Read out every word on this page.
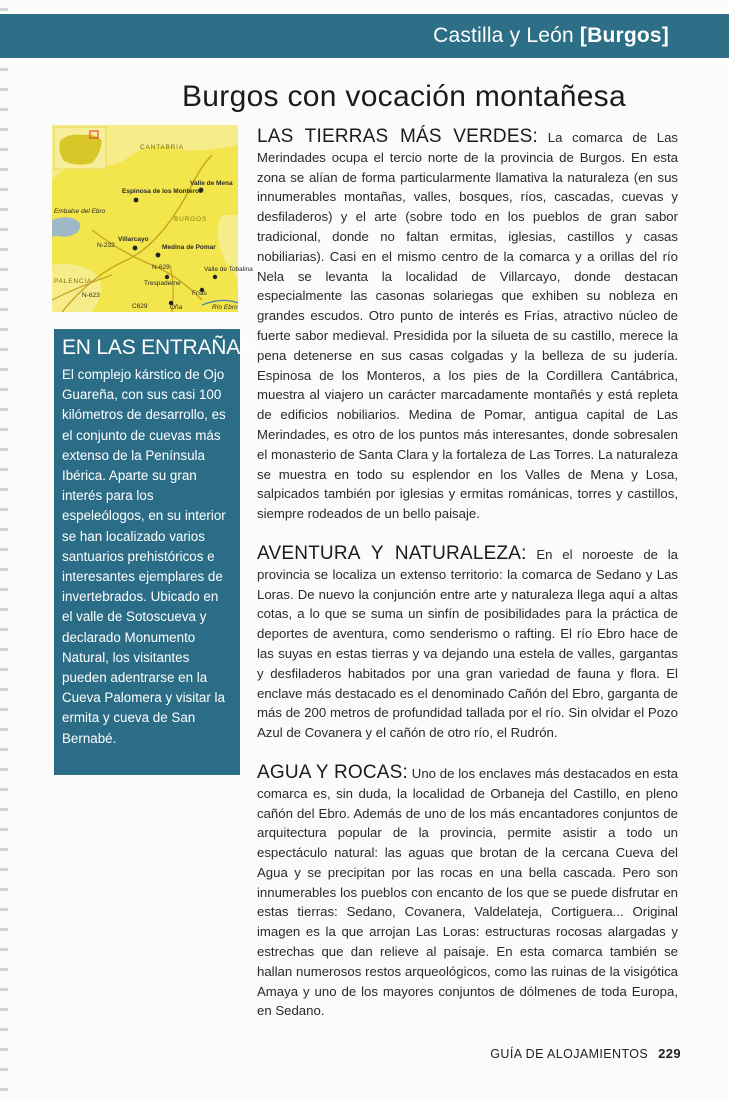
Castilla y León [Burgos]
Burgos con vocación montañesa
CANTABRIA
Espinosa de los Monteros
Valle de Mena
Embalse del Ebro
BURGOS
Villarcayo
Medina de Pomar
N-629
N-232
PALENCIA	Trespaderne
Valle de Tobalina
Frías
N-623
C629	Oña	Río Ebro
EN LAS ENTRAÑAS
El complejo kárstico de Ojo Guareña, con sus casi 100 kilómetros de desarrollo, es el conjunto de cuevas más extenso de la Península Ibérica. Aparte su gran interés para los espeleólogos, en su interior se han localizado varios santuarios prehistóricos e interesantes ejemplares de invertebrados. Ubicado en el valle de Sotoscueva y declarado Monumento Natural, los visitantes pueden adentrarse en la Cueva Palomera y visitar la ermita y cueva de San Bernabé.

LAS TIERRAS MÁS VERDES: La comarca de Las Merindades ocupa el tercio norte de la provincia de Burgos. En esta zona se alían de forma particularmente llamativa la naturaleza (en sus innumerables montañas, valles, bosques, ríos, cascadas, cuevas y desfiladeros) y el arte (sobre todo en los pueblos de gran sabor tradicional, donde no faltan ermitas, iglesias, castillos y casas nobiliarias). Casi en el mismo centro de la comarca y a orillas del río Nela se levanta la localidad de Villarcayo, donde destacan especialmente las casonas solariegas que exhiben su nobleza en grandes escudos. Otro punto de interés es Frías, atractivo núcleo de fuerte sabor medieval. Presidida por la silueta de su castillo, merece la pena detenerse en sus casas colgadas y la belleza de su judería. Espinosa de los Monteros, a los pies de la Cordillera Cantábrica, muestra al viajero un carácter marcadamente montañés y está repleta de edificios nobiliarios. Medina de Pomar, antigua capital de Las Merindades, es otro de los puntos más interesantes, donde sobresalen el monasterio de Santa Clara y la fortaleza de Las Torres. La naturaleza se muestra en todo su esplendor en los Valles de Mena y Losa, salpicados también por iglesias y ermitas románicas, torres y castillos, siempre rodeados de un bello paisaje.

AVENTURA Y NATURALEZA: En el noroeste de la provincia se localiza un extenso territorio: la comarca de Sedano y Las Loras. De nuevo la conjunción entre arte y naturaleza llega aquí a altas cotas, a lo que se suma un sinfín de posibilidades para la práctica de deportes de aventura, como senderismo o rafting. El río Ebro hace de las suyas en estas tierras y va dejando una estela de valles, gargantas y desfiladeros habitados por una gran variedad de fauna y flora. El enclave más destacado es el denominado Cañón del Ebro, garganta de más de 200 metros de profundidad tallada por el río. Sin olvidar el Pozo Azul de Covanera y el cañón de otro río, el Rudrón.

AGUA Y ROCAS: Uno de los enclaves más destacados en esta comarca es, sin duda, la localidad de Orbaneja del Castillo, en pleno cañón del Ebro. Además de uno de los más encantadores conjuntos de arquitectura popular de la provincia, permite asistir a todo un espectáculo natural: las aguas que brotan de la cercana Cueva del Agua y se precipitan por las rocas en una bella cascada. Pero son innumerables los pueblos con encanto de los que se puede disfrutar en estas tierras: Sedano, Covanera, Valdelateja, Cortiguera... Original imagen es la que arrojan Las Loras: estructuras rocosas alargadas y estrechas que dan relieve al paisaje. En esta comarca también se hallan numerosos restos arqueológicos, como las ruinas de la visigótica Amaya y uno de los mayores conjuntos de dólmenes de toda Europa, en Sedano.

GUÍA DE ALOJAMIENTOS 229
